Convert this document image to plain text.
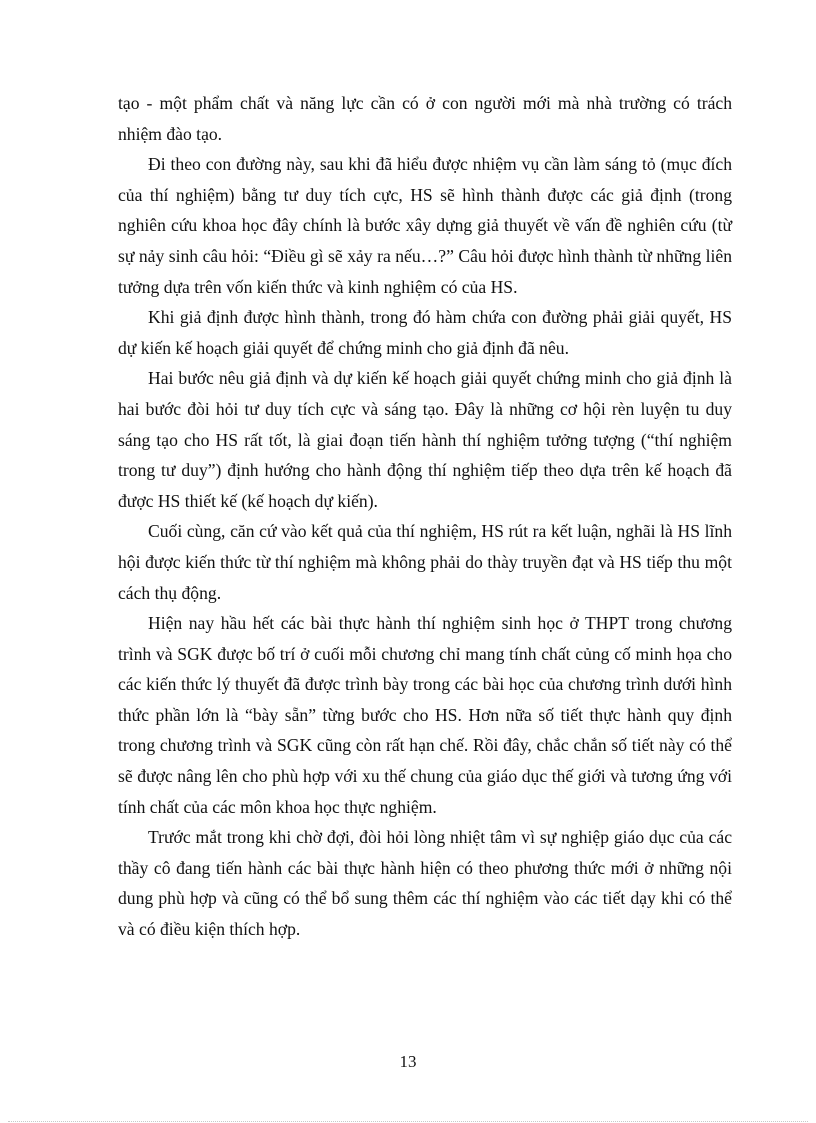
tạo - một phẩm chất và năng lực cần có ở con người mới mà nhà trường có trách nhiệm đào tạo.

Đi theo con đường này, sau khi đã hiểu được nhiệm vụ cần làm sáng tỏ (mục đích của thí nghiệm) bằng tư duy tích cực, HS sẽ hình thành được các giả định (trong nghiên cứu khoa học đây chính là bước xây dựng giả thuyết về vấn đề nghiên cứu (từ sự nảy sinh câu hỏi: “Điều gì sẽ xảy ra nếu…?” Câu hỏi được hình thành từ những liên tưởng dựa trên vốn kiến thức và kinh nghiệm có của HS.

Khi giả định được hình thành, trong đó hàm chứa con đường phải giải quyết, HS dự kiến kế hoạch giải quyết để chứng minh cho giả định đã nêu.

Hai bước nêu giả định và dự kiến kế hoạch giải quyết chứng minh cho giả định là hai bước đòi hỏi tư duy tích cực và sáng tạo. Đây là những cơ hội rèn luyện tu duy sáng tạo cho HS rất tốt, là giai đoạn tiến hành thí nghiệm tưởng tượng (“thí nghiệm trong tư duy”) định hướng cho hành động thí nghiệm tiếp theo dựa trên kế hoạch đã được HS thiết kế (kế hoạch dự kiến).

Cuối cùng, căn cứ vào kết quả của thí nghiệm, HS rút ra kết luận, nghãi là HS lĩnh hội được kiến thức từ thí nghiệm mà không phải do thày truyền đạt và HS tiếp thu một cách thụ động.

Hiện nay hầu hết các bài thực hành thí nghiệm sinh học ở THPT trong chương trình và SGK được bố trí ở cuối mỗi chương chỉ mang tính chất củng cố minh họa cho các kiến thức lý thuyết đã được trình bày trong các bài học của chương trình dưới hình thức phần lớn là “bày sẵn” từng bước cho HS. Hơn nữa số tiết thực hành quy định trong chương trình và SGK cũng còn rất hạn chế. Rồi đây, chắc chắn số tiết này có thể sẽ được nâng lên cho phù hợp với xu thế chung của giáo dục thế giới và tương ứng với tính chất của các môn khoa học thực nghiệm.

Trước mắt trong khi chờ đợi, đòi hỏi lòng nhiệt tâm vì sự nghiệp giáo dục của các thầy cô đang tiến hành các bài thực hành hiện có theo phương thức mới ở những nội dung phù hợp và cũng có thể bổ sung thêm các thí nghiệm vào các tiết dạy khi có thể và có điều kiện thích hợp.

13
